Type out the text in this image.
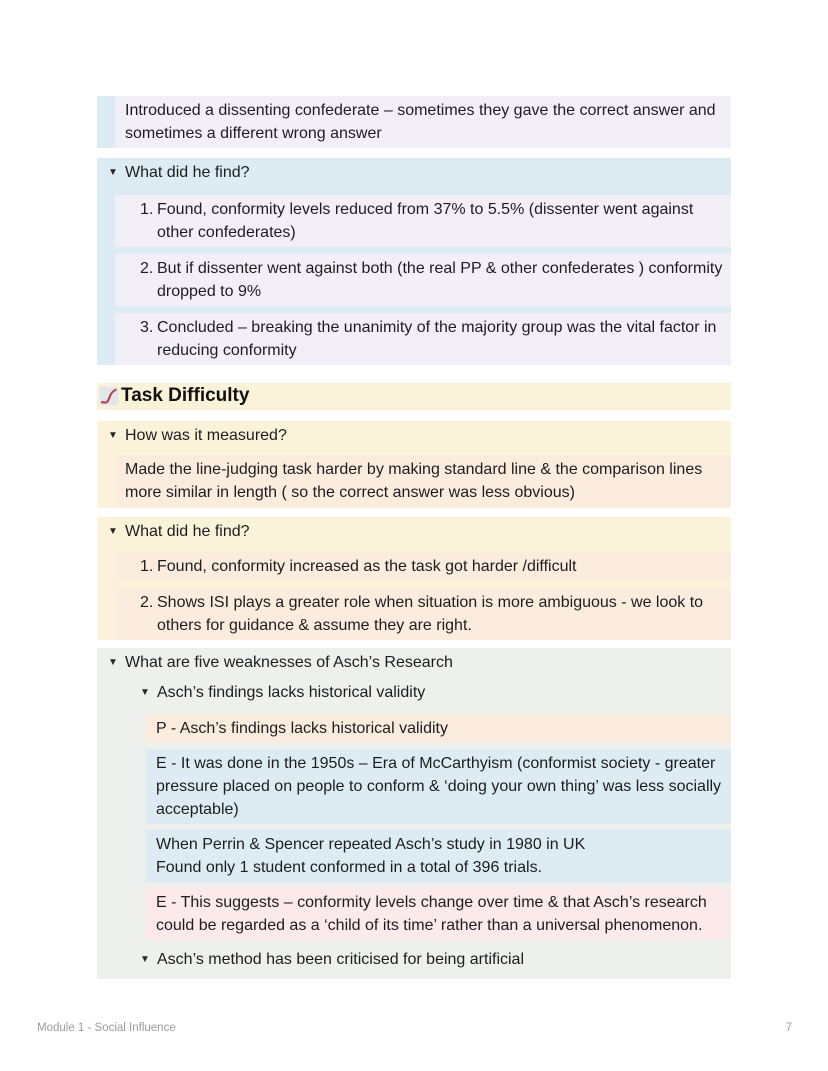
Introduced a dissenting confederate – sometimes they gave the correct answer and sometimes a different wrong answer
▼ What did he find?
1. Found, conformity levels reduced from 37% to 5.5% (dissenter went against other confederates)
2. But if dissenter went against both (the real PP & other confederates ) conformity dropped to 9%
3. Concluded – breaking the unanimity of the majority group was the vital factor in reducing conformity
Task Difficulty
▼ How was it measured?
Made the line-judging task harder by making standard line & the comparison lines more similar in length ( so the correct answer was less obvious)
▼ What did he find?
1. Found, conformity increased as the task got harder /difficult
2. Shows ISI plays a greater role when situation is more ambiguous - we look to others for guidance & assume they are right.
▼ What are five weaknesses of Asch’s Research
▼ Asch’s findings lacks historical validity
P - Asch’s findings lacks historical validity
E - It was done in the 1950s – Era of McCarthyism (conformist society - greater pressure placed on people to conform & ‘doing your own thing’ was less socially acceptable)
When Perrin & Spencer repeated Asch’s study in 1980 in UK
Found only 1 student conformed in a total of 396 trials.
E - This suggests – conformity levels change over time & that Asch’s research could be regarded as a ‘child of its time’ rather than a universal phenomenon.
▼ Asch’s method has been criticised for being artificial
Module 1 - Social Influence	7
